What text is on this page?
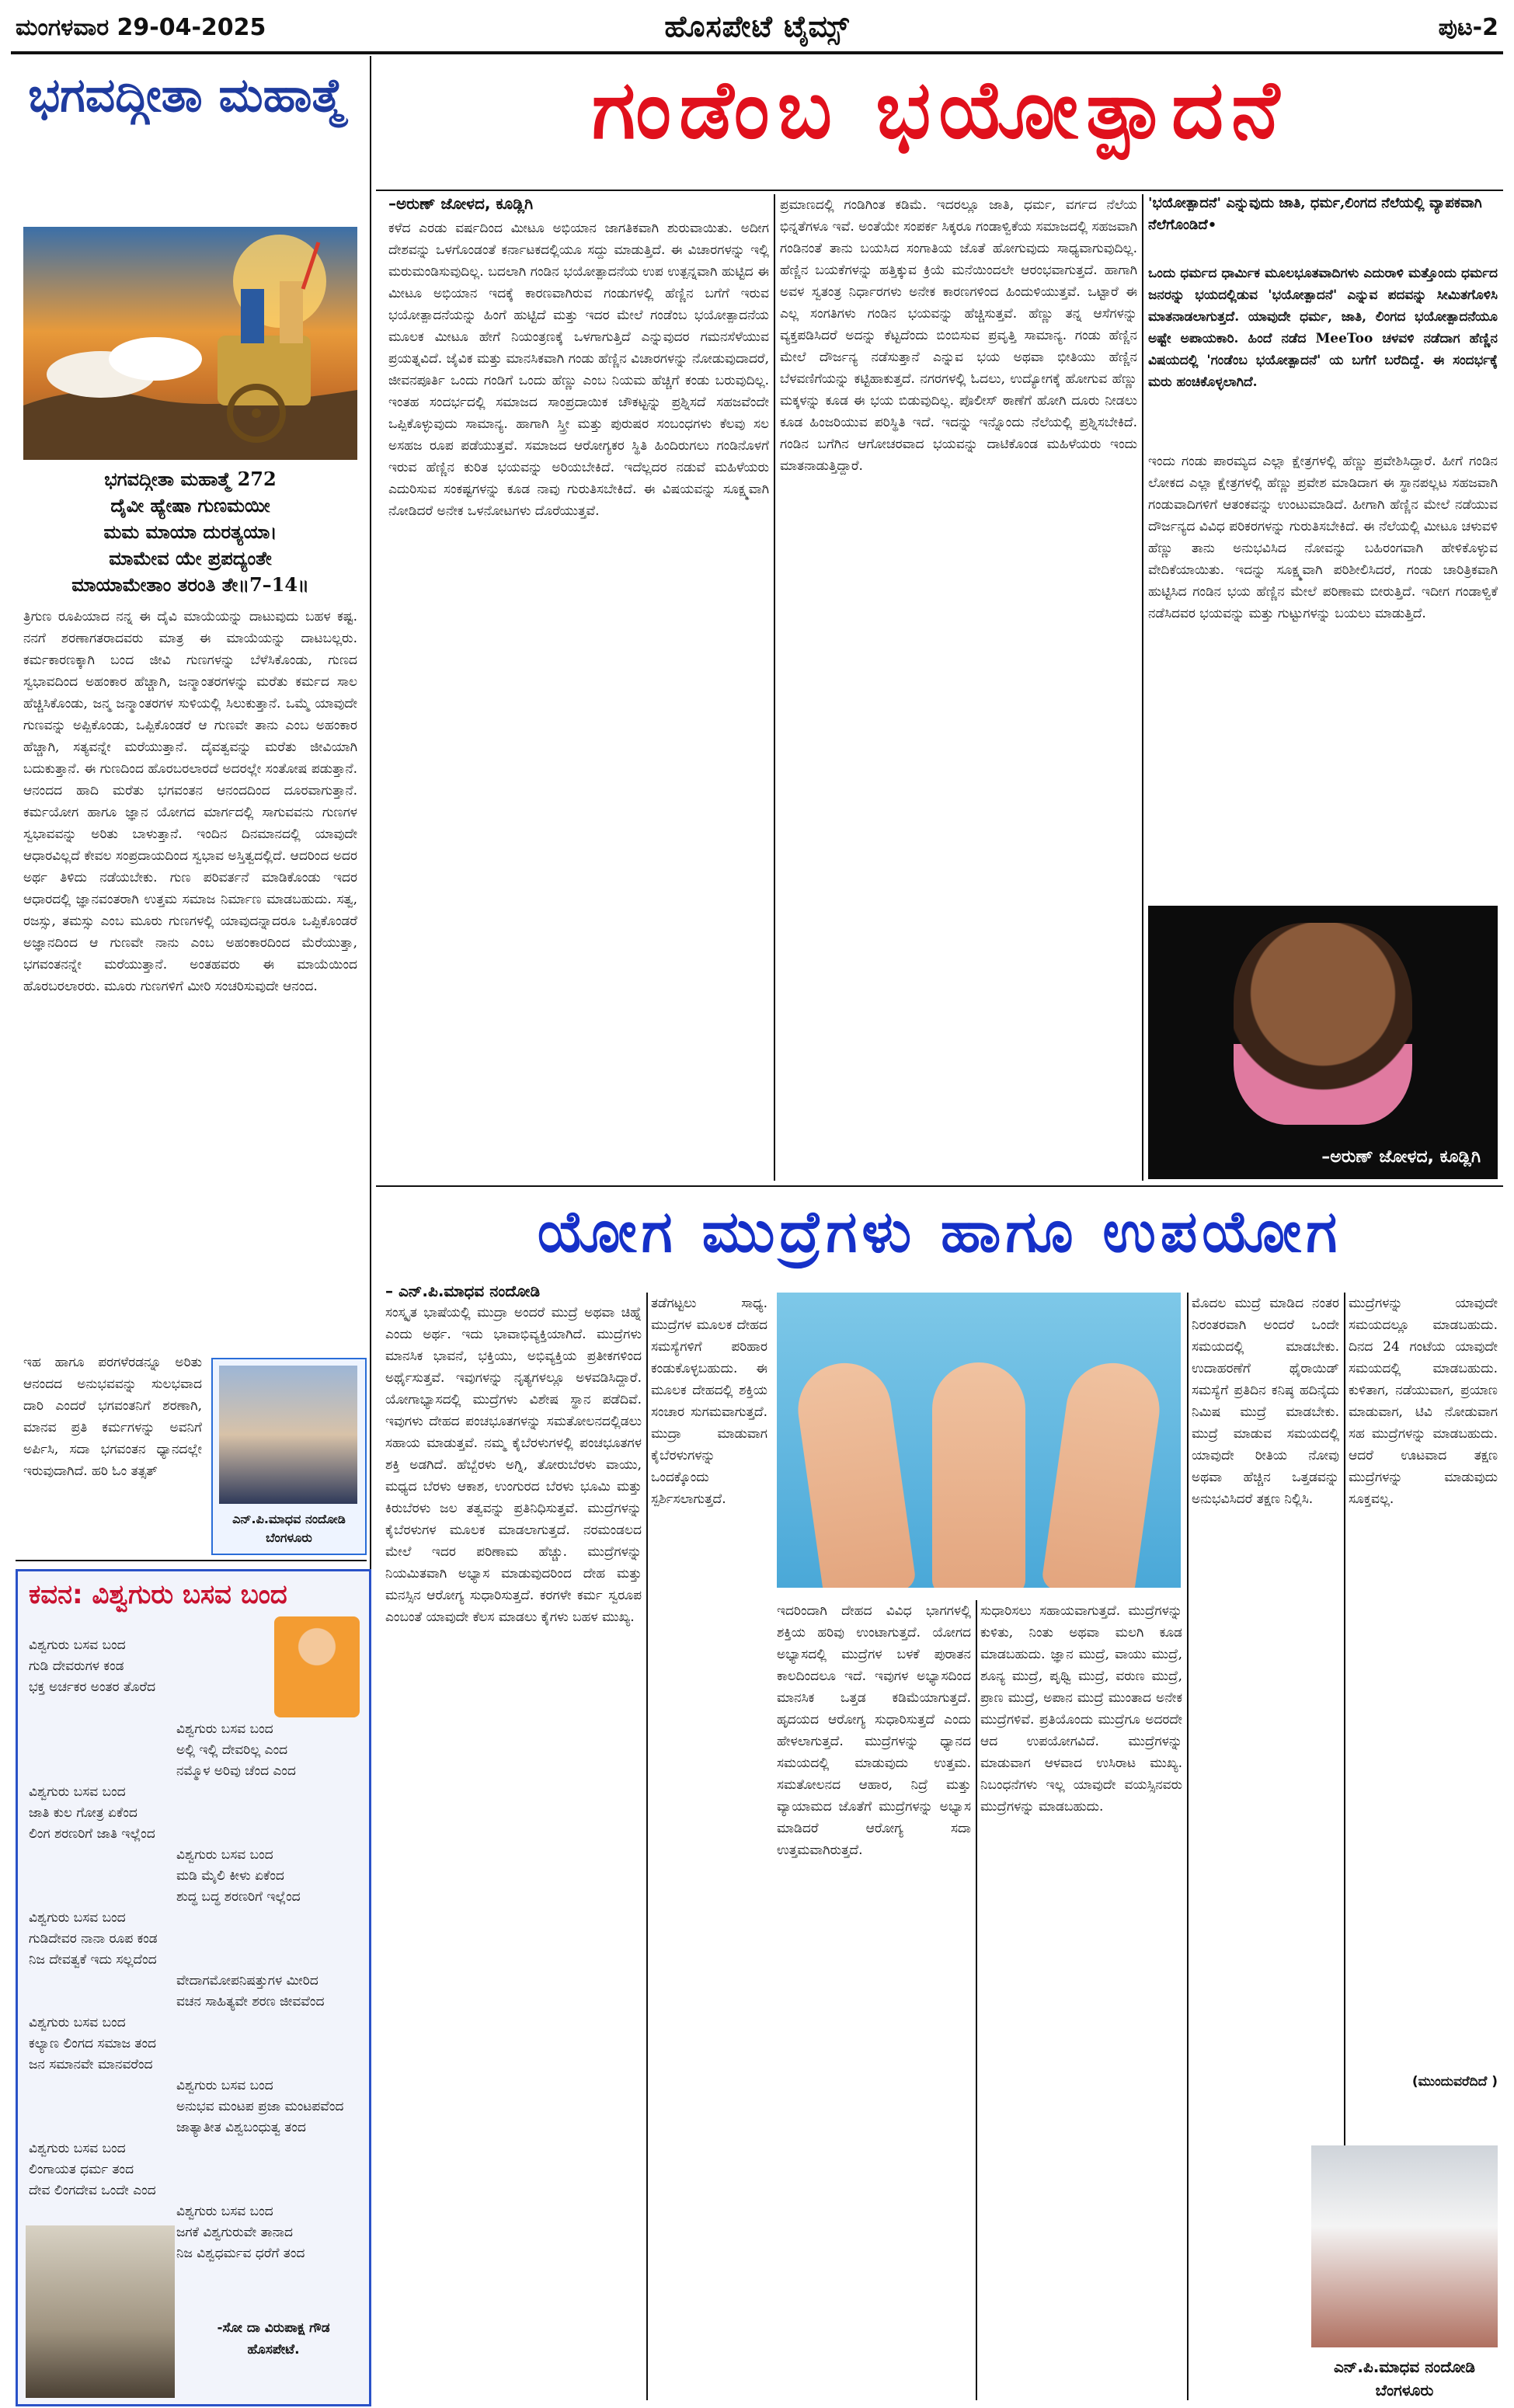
ಮಂಗಳವಾರ 29-04-2025	ಹೊಸಪೇಟೆ ಟೈಮ್ಸ್	ಪುಟ-2
ಭಗವದ್ಗೀತಾ ಮಹಾತ್ಮೆ
ಭಗವದ್ಗೀತಾ ಮಹಾತ್ಮೆ 272
ದೈವೀ ಹ್ಯೇಷಾ ಗುಣಮಯೀ
ಮಮ ಮಾಯಾ ದುರತ್ಯಯಾ।
ಮಾಮೇವ ಯೇ ಪ್ರಪದ್ಯಂತೇ
ಮಾಯಾಮೇತಾಂ ತರಂತಿ ತೇ॥7–14॥

ತ್ರಿಗುಣ ರೂಪಿಯಾದ ನನ್ನ ಈ ದೈವಿ ಮಾಯೆಯನ್ನು ದಾಟುವುದು ಬಹಳ ಕಷ್ಟ. ನನಗೆ ಶರಣಾಗತರಾದವರು ಮಾತ್ರ ಈ ಮಾಯೆಯನ್ನು ದಾಟಬಲ್ಲರು. ಕರ್ಮಕಾರಣಕ್ಕಾಗಿ ಬಂದ ಜೀವಿ ಗುಣಗಳನ್ನು ಬೆಳೆಸಿಕೊಂಡು, ಗುಣದ ಸ್ವಭಾವದಿಂದ ಅಹಂಕಾರ ಹೆಚ್ಚಾಗಿ, ಜನ್ಮಾಂತರಗಳನ್ನು ಮರೆತು ಕರ್ಮದ ಸಾಲ ಹೆಚ್ಚಿಸಿಕೊಂಡು, ಜನ್ಮ ಜನ್ಮಾಂತರಗಳ ಸುಳಿಯಲ್ಲಿ ಸಿಲುಕುತ್ತಾನೆ. ಒಮ್ಮೆ ಯಾವುದೇ ಗುಣವನ್ನು ಅಪ್ಪಿಕೊಂಡು, ಒಪ್ಪಿಕೊಂಡರೆ ಆ ಗುಣವೇ ತಾನು ಎಂಬ ಅಹಂಕಾರ ಹೆಚ್ಚಾಗಿ, ಸತ್ಯವನ್ನೇ ಮರೆಯುತ್ತಾನೆ. ದೈವತ್ವವನ್ನು ಮರೆತು ಜೀವಿಯಾಗಿ ಬದುಕುತ್ತಾನೆ. ಈ ಗುಣದಿಂದ ಹೊರಬರಲಾರದೆ ಅದರಲ್ಲೇ ಸಂತೋಷ ಪಡುತ್ತಾನೆ. ಆನಂದದ ಹಾದಿ ಮರೆತು ಭಗವಂತನ ಆನಂದದಿಂದ ದೂರವಾಗುತ್ತಾನೆ. ಕರ್ಮಯೋಗ ಹಾಗೂ ಜ್ಞಾನ ಯೋಗದ ಮಾರ್ಗದಲ್ಲಿ ಸಾಗುವವನು ಗುಣಗಳ ಸ್ವಭಾವವನ್ನು ಅರಿತು ಬಾಳುತ್ತಾನೆ. ಇಂದಿನ ದಿನಮಾನದಲ್ಲಿ ಯಾವುದೇ ಆಧಾರವಿಲ್ಲದೆ ಕೇವಲ ಸಂಪ್ರದಾಯದಿಂದ ಸ್ವಭಾವ ಅಸ್ತಿತ್ವದಲ್ಲಿದೆ. ಆದರಿಂದ ಅದರ ಅರ್ಥ ತಿಳಿದು ನಡೆಯಬೇಕು. ಗುಣ ಪರಿವರ್ತನೆ ಮಾಡಿಕೊಂಡು ಇದರ ಆಧಾರದಲ್ಲಿ ಜ್ಞಾನವಂತರಾಗಿ ಉತ್ತಮ ಸಮಾಜ ನಿರ್ಮಾಣ ಮಾಡಬಹುದು. ಸತ್ವ, ರಜಸ್ಸು, ತಮಸ್ಸು ಎಂಬ ಮೂರು ಗುಣಗಳಲ್ಲಿ ಯಾವುದನ್ನಾದರೂ ಒಪ್ಪಿಕೊಂಡರೆ ಅಜ್ಞಾನದಿಂದ ಆ ಗುಣವೇ ನಾನು ಎಂಬ ಅಹಂಕಾರದಿಂದ ಮೆರೆಯುತ್ತಾ, ಭಗವಂತನನ್ನೇ ಮರೆಯುತ್ತಾನೆ. ಅಂತಹವರು ಈ ಮಾಯೆಯಿಂದ ಹೊರಬರಲಾರರು. ಮೂರು ಗುಣಗಳಿಗೆ ಮೀರಿ ಸಂಚರಿಸುವುದೇ ಆನಂದ.

ಇಹ ಹಾಗೂ ಪರಗಳೆರಡನ್ನೂ ಅರಿತು ಆನಂದದ ಅನುಭವವನ್ನು ಸುಲಭವಾದ ದಾರಿ ಎಂದರೆ ಭಗವಂತನಿಗೆ ಶರಣಾಗಿ, ಮಾನವ ಪ್ರತಿ ಕರ್ಮಗಳನ್ನು ಅವನಿಗೆ ಅರ್ಪಿಸಿ, ಸದಾ ಭಗವಂತನ ಧ್ಯಾನದಲ್ಲೇ ಇರುವುದಾಗಿದೆ. ಹರಿ ಓಂ ತತ್ಸತ್

ಎನ್.ಪಿ.ಮಾಧವ ನಂದೋಡಿ
ಬೆಂಗಳೂರು
ಕವನ: ವಿಶ್ವಗುರು ಬಸವ ಬಂದ
ವಿಶ್ವಗುರು ಬಸವ ಬಂದ
ಗುಡಿ ದೇವರುಗಳ ಕಂಡ
ಭಕ್ತ ಅರ್ಚಕರ ಅಂತರ ತೊರೆದ

ವಿಶ್ವಗುರು ಬಸವ ಬಂದ
ಅಲ್ಲಿ ಇಲ್ಲಿ ದೇವರಿಲ್ಲ ಎಂದ
ನಮ್ಮೊಳ ಅರಿವು ಚೆಂದ ಎಂದ
ವಿಶ್ವಗುರು ಬಸವ ಬಂದ
ಜಾತಿ ಕುಲ ಗೋತ್ರ ಏಕೆಂದ
ಲಿಂಗ ಶರಣರಿಗೆ ಜಾತಿ ಇಲ್ಲೆಂದ
ವಿಶ್ವಗುರು ಬಸವ ಬಂದ
ಮಡಿ ಮೈಲಿ ಕೀಳು ಏಕೆಂದ
ಶುದ್ಧ ಬದ್ಧ ಶರಣರಿಗೆ ಇಲ್ಲೆಂದ
ವಿಶ್ವಗುರು ಬಸವ ಬಂದ
ಗುಡಿದೇವರ ನಾನಾ ರೂಪ ಕಂಡ
ನಿಜ ದೇವತ್ವಕೆ ಇದು ಸಲ್ಲದೆಂದ
ವೇದಾಗಮೋಪನಿಷತ್ತುಗಳ ಮೀರಿದ
ವಚನ ಸಾಹಿತ್ಯವೇ ಶರಣ ಜೀವವೆಂದ
ವಿಶ್ವಗುರು ಬಸವ ಬಂದ
ಕಲ್ಯಾಣ ಲಿಂಗದ ಸಮಾಜ ತಂದ
ಜನ ಸಮಾನವೇ ಮಾನವರೆಂದ
ವಿಶ್ವಗುರು ಬಸವ ಬಂದ
ಅನುಭವ ಮಂಟಪ ಪ್ರಜಾ ಮಂಟಪವೆಂದ
ಜಾತ್ಯಾತೀತ ವಿಶ್ವಬಂಧುತ್ವ ತಂದ
ವಿಶ್ವಗುರು ಬಸವ ಬಂದ
ಲಿಂಗಾಯತ ಧರ್ಮ ತಂದ
ದೇವ ಲಿಂಗದೇವ ಒಂದೇ ಎಂದ
ವಿಶ್ವಗುರು ಬಸವ ಬಂದ
ಜಗಕೆ ವಿಶ್ವಗುರುವೇ ತಾನಾದ
ನಿಜ ವಿಶ್ವಧರ್ಮವ ಧರೆಗೆ ತಂದ
-ಸೋ ದಾ ವಿರುಪಾಕ್ಷ ಗೌಡ
ಹೊಸಪೇಟೆ.
ಗಂಡೆಂಬ ಭಯೋತ್ಪಾದನೆ
–ಅರುಣ್ ಜೋಳದ, ಕೂಡ್ಲಿಗಿ

ಕಳೆದ ಎರಡು ವರ್ಷದಿಂದ ಮೀಟೂ ಅಭಿಯಾನ ಜಾಗತಿಕವಾಗಿ ಶುರುವಾಯಿತು. ಅದೀಗ ದೇಶವನ್ನು ಒಳಗೊಂಡಂತೆ ಕರ್ನಾಟಕದಲ್ಲಿಯೂ ಸದ್ದು ಮಾಡುತ್ತಿದೆ. ಈ ವಿಚಾರಗಳನ್ನು ಇಲ್ಲಿ ಮರುಮಂಡಿಸುವುದಿಲ್ಲ. ಬದಲಾಗಿ ಗಂಡಿನ ಭಯೋತ್ಪಾದನೆಯ ಉಪ ಉತ್ಪನ್ನವಾಗಿ ಹುಟ್ಟಿದ ಈ ಮೀಟೂ ಅಭಿಯಾನ ಇದಕ್ಕೆ ಕಾರಣವಾಗಿರುವ ಗಂಡುಗಳಲ್ಲಿ ಹೆಣ್ಣಿನ ಬಗೆಗೆ ಇರುವ ಭಯೋತ್ಪಾದನೆಯನ್ನು ಹಿಂಗೆ ಹುಟ್ಟಿದೆ ಮತ್ತು ಇದರ ಮೇಲೆ ಗಂಡೆಂಬ ಭಯೋತ್ಪಾದನೆಯ ಮೂಲಕ ಮೀಟೂ ಹೇಗೆ ನಿಯಂತ್ರಣಕ್ಕೆ ಒಳಗಾಗುತ್ತಿದೆ ಎನ್ನುವುದರ ಗಮನಸೆಳೆಯುವ ಪ್ರಯತ್ನವಿದೆ. ಜೈವಿಕ ಮತ್ತು ಮಾನಸಿಕವಾಗಿ ಗಂಡು ಹೆಣ್ಣಿನ ವಿಚಾರಗಳನ್ನು ನೋಡುವುದಾದರೆ, ಜೀವನಪೂರ್ತಿ ಒಂದು ಗಂಡಿಗೆ ಒಂದು ಹೆಣ್ಣು ಎಂಬ ನಿಯಮ ಹೆಚ್ಚಿಗೆ ಕಂಡು ಬರುವುದಿಲ್ಲ. ಇಂತಹ ಸಂದರ್ಭದಲ್ಲಿ ಸಮಾಜದ ಸಾಂಪ್ರದಾಯಿಕ ಚೌಕಟ್ಟನ್ನು ಪ್ರಶ್ನಿಸದೆ ಸಹಜವೆಂದೇ ಒಪ್ಪಿಕೊಳ್ಳುವುದು ಸಾಮಾನ್ಯ. ಹಾಗಾಗಿ ಸ್ತ್ರೀ ಮತ್ತು ಪುರುಷರ ಸಂಬಂಧಗಳು ಕೆಲವು ಸಲ ಅಸಹಜ ರೂಪ ಪಡೆಯುತ್ತವೆ. ಸಮಾಜದ ಆರೋಗ್ಯಕರ ಸ್ಥಿತಿ ಹಿಂದಿರುಗಲು ಗಂಡಿನೊಳಗೆ ಇರುವ ಹೆಣ್ಣಿನ ಕುರಿತ ಭಯವನ್ನು ಅರಿಯಬೇಕಿದೆ. ಇದೆಲ್ಲದರ ನಡುವೆ ಮಹಿಳೆಯರು ಎದುರಿಸುವ ಸಂಕಷ್ಟಗಳನ್ನು ಕೂಡ ನಾವು ಗುರುತಿಸಬೇಕಿದೆ. ಈ ವಿಷಯವನ್ನು ಸೂಕ್ಷ್ಮವಾಗಿ ನೋಡಿದರೆ ಅನೇಕ ಒಳನೋಟಗಳು ದೊರೆಯುತ್ತವೆ.

ಪ್ರಮಾಣದಲ್ಲಿ ಗಂಡಿಗಿಂತ ಕಡಿಮೆ. ಇದರಲ್ಲೂ ಜಾತಿ, ಧರ್ಮ, ವರ್ಗದ ನೆಲೆಯ ಭಿನ್ನತೆಗಳೂ ಇವೆ. ಅಂತೆಯೇ ಸಂಪರ್ಕ ಸಿಕ್ಕರೂ ಗಂಡಾಳ್ವಿಕೆಯ ಸಮಾಜದಲ್ಲಿ ಸಹಜವಾಗಿ ಗಂಡಿನಂತೆ ತಾನು ಬಯಸಿದ ಸಂಗಾತಿಯ ಜೊತೆ ಹೋಗುವುದು ಸಾಧ್ಯವಾಗುವುದಿಲ್ಲ. ಹೆಣ್ಣಿನ ಬಯಕೆಗಳನ್ನು ಹತ್ತಿಕ್ಕುವ ಕ್ರಿಯೆ ಮನೆಯಿಂದಲೇ ಆರಂಭವಾಗುತ್ತದೆ. ಹಾಗಾಗಿ ಅವಳ ಸ್ವತಂತ್ರ ನಿರ್ಧಾರಗಳು ಅನೇಕ ಕಾರಣಗಳಿಂದ ಹಿಂದುಳಿಯುತ್ತವೆ. ಒಟ್ಟಾರೆ ಈ ಎಲ್ಲ ಸಂಗತಿಗಳು ಗಂಡಿನ ಭಯವನ್ನು ಹೆಚ್ಚಿಸುತ್ತವೆ. ಹೆಣ್ಣು ತನ್ನ ಆಸೆಗಳನ್ನು ವ್ಯಕ್ತಪಡಿಸಿದರೆ ಅದನ್ನು ಕೆಟ್ಟದೆಂದು ಬಿಂಬಿಸುವ ಪ್ರವೃತ್ತಿ ಸಾಮಾನ್ಯ. ಗಂಡು ಹೆಣ್ಣಿನ ಮೇಲೆ ದೌರ್ಜನ್ಯ ನಡೆಸುತ್ತಾನೆ ಎನ್ನುವ ಭಯ ಅಥವಾ ಭೀತಿಯು ಹೆಣ್ಣಿನ ಬೆಳವಣಿಗೆಯನ್ನು ಕಟ್ಟಿಹಾಕುತ್ತದೆ. ನಗರಗಳಲ್ಲಿ ಓದಲು, ಉದ್ಯೋಗಕ್ಕೆ ಹೋಗುವ ಹೆಣ್ಣು ಮಕ್ಕಳನ್ನು ಕೂಡ ಈ ಭಯ ಬಿಡುವುದಿಲ್ಲ. ಪೊಲೀಸ್ ಠಾಣೆಗೆ ಹೋಗಿ ದೂರು ನೀಡಲು ಕೂಡ ಹಿಂಜರಿಯುವ ಪರಿಸ್ಥಿತಿ ಇದೆ. ಇದನ್ನು ಇನ್ನೊಂದು ನೆಲೆಯಲ್ಲಿ ಪ್ರಶ್ನಿಸಬೇಕಿದೆ. ಗಂಡಿನ ಬಗೆಗಿನ ಆಗೋಚರವಾದ ಭಯವನ್ನು ದಾಟಿಕೊಂಡ ಮಹಿಳೆಯರು ಇಂದು ಮಾತನಾಡುತ್ತಿದ್ದಾರೆ.

'ಭಯೋತ್ಪಾದನೆ' ಎನ್ನುವುದು ಜಾತಿ, ಧರ್ಮ,ಲಿಂಗದ ನೆಲೆಯಲ್ಲಿ ವ್ಯಾಪಕವಾಗಿ ನೆಲೆಗೊಂಡಿದೆ•
ಒಂದು ಧರ್ಮದ ಧಾರ್ಮಿಕ ಮೂಲಭೂತವಾದಿಗಳು ಎದುರಾಳಿ ಮತ್ತೊಂದು ಧರ್ಮದ ಜನರನ್ನು ಭಯದಲ್ಲಿಡುವ 'ಭಯೋತ್ಪಾದನೆ' ಎನ್ನುವ ಪದವನ್ನು ಸೀಮಿತಗೊಳಿಸಿ ಮಾತನಾಡಲಾಗುತ್ತದೆ. ಯಾವುದೇ ಧರ್ಮ, ಜಾತಿ, ಲಿಂಗದ ಭಯೋತ್ಪಾದನೆಯೂ ಅಷ್ಟೇ ಅಪಾಯಕಾರಿ. ಹಿಂದೆ ನಡೆದ MeeToo ಚಳವಳಿ ನಡೆದಾಗ ಹೆಣ್ಣಿನ ವಿಷಯದಲ್ಲಿ 'ಗಂಡೆಂಬ ಭಯೋತ್ಪಾದನೆ' ಯ ಬಗೆಗೆ ಬರೆದಿದ್ದೆ. ಈ ಸಂದರ್ಭಕ್ಕೆ ಮರು ಹಂಚಿಕೊಳ್ಳಲಾಗಿದೆ.

ಇಂದು ಗಂಡು ಪಾರಮ್ಯದ ಎಲ್ಲಾ ಕ್ಷೇತ್ರಗಳಲ್ಲಿ ಹೆಣ್ಣು ಪ್ರವೇಶಿಸಿದ್ದಾರೆ. ಹೀಗೆ ಗಂಡಿನ ಲೋಕದ ಎಲ್ಲಾ ಕ್ಷೇತ್ರಗಳಲ್ಲಿ ಹೆಣ್ಣು ಪ್ರವೇಶ ಮಾಡಿದಾಗ ಈ ಸ್ಥಾನಪಲ್ಲಟ ಸಹಜವಾಗಿ ಗಂಡುವಾದಿಗಳಿಗೆ ಆತಂಕವನ್ನು ಉಂಟುಮಾಡಿದೆ. ಹೀಗಾಗಿ ಹೆಣ್ಣಿನ ಮೇಲೆ ನಡೆಯುವ ದೌರ್ಜನ್ಯದ ವಿವಿಧ ಪರಿಕರಗಳನ್ನು ಗುರುತಿಸಬೇಕಿದೆ. ಈ ನೆಲೆಯಲ್ಲಿ ಮೀಟೂ ಚಳುವಳಿ ಹೆಣ್ಣು ತಾನು ಅನುಭವಿಸಿದ ನೋವನ್ನು ಬಹಿರಂಗವಾಗಿ ಹೇಳಿಕೊಳ್ಳುವ ವೇದಿಕೆಯಾಯಿತು. ಇದನ್ನು ಸೂಕ್ಷ್ಮವಾಗಿ ಪರಿಶೀಲಿಸಿದರೆ, ಗಂಡು ಚಾರಿತ್ರಿಕವಾಗಿ ಹುಟ್ಟಿಸಿದ ಗಂಡಿನ ಭಯ ಹೆಣ್ಣಿನ ಮೇಲೆ ಪರಿಣಾಮ ಬೀರುತ್ತಿದೆ. ಇದೀಗ ಗಂಡಾಳ್ವಿಕೆ ನಡೆಸಿದವರ ಭಯವನ್ನು ಮತ್ತು ಗುಟ್ಟುಗಳನ್ನು ಬಯಲು ಮಾಡುತ್ತಿದೆ.

–ಅರುಣ್ ಜೋಳದ, ಕೂಡ್ಲಿಗಿ
ಯೋಗ ಮುದ್ರೆಗಳು ಹಾಗೂ ಉಪಯೋಗ
– ಎನ್.ಪಿ.ಮಾಧವ ನಂದೋಡಿ

ಸಂಸ್ಕೃತ ಭಾಷೆಯಲ್ಲಿ ಮುದ್ರಾ ಅಂದರೆ ಮುದ್ರೆ ಅಥವಾ ಚಿಹ್ನೆ ಎಂದು ಅರ್ಥ. ಇದು ಭಾವಾಭಿವ್ಯಕ್ತಿಯಾಗಿದೆ. ಮುದ್ರೆಗಳು ಮಾನಸಿಕ ಭಾವನೆ, ಭಕ್ತಿಯು, ಅಭಿವ್ಯಕ್ತಿಯ ಪ್ರತೀಕಗಳಿಂದ ಅರ್ಥೈಸುತ್ತವೆ. ಇವುಗಳನ್ನು ನೃತ್ಯಗಳಲ್ಲೂ ಅಳವಡಿಸಿದ್ದಾರೆ. ಯೋಗಾಭ್ಯಾಸದಲ್ಲಿ ಮುದ್ರೆಗಳು ವಿಶೇಷ ಸ್ಥಾನ ಪಡೆದಿವೆ. ಇವುಗಳು ದೇಹದ ಪಂಚಭೂತಗಳನ್ನು ಸಮತೋಲನದಲ್ಲಿಡಲು ಸಹಾಯ ಮಾಡುತ್ತವೆ. ನಮ್ಮ ಕೈಬೆರಳುಗಳಲ್ಲಿ ಪಂಚಭೂತಗಳ ಶಕ್ತಿ ಅಡಗಿದೆ. ಹೆಬ್ಬೆರಳು ಅಗ್ನಿ, ತೋರುಬೆರಳು ವಾಯು, ಮಧ್ಯದ ಬೆರಳು ಆಕಾಶ, ಉಂಗುರದ ಬೆರಳು ಭೂಮಿ ಮತ್ತು ಕಿರುಬೆರಳು ಜಲ ತತ್ವವನ್ನು ಪ್ರತಿನಿಧಿಸುತ್ತವೆ. ಮುದ್ರೆಗಳನ್ನು ಕೈಬೆರಳುಗಳ ಮೂಲಕ ಮಾಡಲಾಗುತ್ತದೆ. ನರಮಂಡಲದ ಮೇಲೆ ಇದರ ಪರಿಣಾಮ ಹೆಚ್ಚು. ಮುದ್ರೆಗಳನ್ನು ನಿಯಮಿತವಾಗಿ ಅಭ್ಯಾಸ ಮಾಡುವುದರಿಂದ ದೇಹ ಮತ್ತು ಮನಸ್ಸಿನ ಆರೋಗ್ಯ ಸುಧಾರಿಸುತ್ತದೆ. ಕರಗಳೇ ಕರ್ಮ ಸ್ವರೂಪ ಎಂಬಂತೆ ಯಾವುದೇ ಕೆಲಸ ಮಾಡಲು ಕೈಗಳು ಬಹಳ ಮುಖ್ಯ.

ತಡೆಗಟ್ಟಲು ಸಾಧ್ಯ. ಮುದ್ರೆಗಳ ಮೂಲಕ ದೇಹದ ಸಮಸ್ಯೆಗಳಿಗೆ ಪರಿಹಾರ ಕಂಡುಕೊಳ್ಳಬಹುದು. ಈ ಮೂಲಕ ದೇಹದಲ್ಲಿ ಶಕ್ತಿಯ ಸಂಚಾರ ಸುಗಮವಾಗುತ್ತದೆ. ಮುದ್ರಾ ಮಾಡುವಾಗ ಕೈಬೆರಳುಗಳನ್ನು ಒಂದಕ್ಕೊಂದು ಸ್ಪರ್ಶಿಸಲಾಗುತ್ತದೆ.

ಇದರಿಂದಾಗಿ ದೇಹದ ವಿವಿಧ ಭಾಗಗಳಲ್ಲಿ ಶಕ್ತಿಯ ಹರಿವು ಉಂಟಾಗುತ್ತದೆ. ಯೋಗದ ಅಭ್ಯಾಸದಲ್ಲಿ ಮುದ್ರೆಗಳ ಬಳಕೆ ಪುರಾತನ ಕಾಲದಿಂದಲೂ ಇದೆ. ಇವುಗಳ ಅಭ್ಯಾಸದಿಂದ ಮಾನಸಿಕ ಒತ್ತಡ ಕಡಿಮೆಯಾಗುತ್ತದೆ. ಹೃದಯದ ಆರೋಗ್ಯ ಸುಧಾರಿಸುತ್ತದೆ ಎಂದು ಹೇಳಲಾಗುತ್ತದೆ. ಮುದ್ರೆಗಳನ್ನು ಧ್ಯಾನದ ಸಮಯದಲ್ಲಿ ಮಾಡುವುದು ಉತ್ತಮ. ಸಮತೋಲನದ ಆಹಾರ, ನಿದ್ರೆ ಮತ್ತು ವ್ಯಾಯಾಮದ ಜೊತೆಗೆ ಮುದ್ರೆಗಳನ್ನು ಅಭ್ಯಾಸ ಮಾಡಿದರೆ ಆರೋಗ್ಯ ಸದಾ ಉತ್ತಮವಾಗಿರುತ್ತದೆ.

ಸುಧಾರಿಸಲು ಸಹಾಯವಾಗುತ್ತದೆ. ಮುದ್ರೆಗಳನ್ನು ಕುಳಿತು, ನಿಂತು ಅಥವಾ ಮಲಗಿ ಕೂಡ ಮಾಡಬಹುದು. ಜ್ಞಾನ ಮುದ್ರೆ, ವಾಯು ಮುದ್ರೆ, ಶೂನ್ಯ ಮುದ್ರೆ, ಪೃಥ್ವಿ ಮುದ್ರೆ, ವರುಣ ಮುದ್ರೆ, ಪ್ರಾಣ ಮುದ್ರೆ, ಅಪಾನ ಮುದ್ರೆ ಮುಂತಾದ ಅನೇಕ ಮುದ್ರೆಗಳಿವೆ. ಪ್ರತಿಯೊಂದು ಮುದ್ರೆಗೂ ಅದರದೇ ಆದ ಉಪಯೋಗವಿದೆ. ಮುದ್ರೆಗಳನ್ನು ಮಾಡುವಾಗ ಆಳವಾದ ಉಸಿರಾಟ ಮುಖ್ಯ. ನಿಬಂಧನೆಗಳು ಇಲ್ಲ ಯಾವುದೇ ವಯಸ್ಸಿನವರು ಮುದ್ರೆಗಳನ್ನು ಮಾಡಬಹುದು.

ಮೊದಲ ಮುದ್ರೆ ಮಾಡಿದ ನಂತರ ನಿರಂತರವಾಗಿ ಅಂದರೆ ಒಂದೇ ಸಮಯದಲ್ಲಿ ಮಾಡಬೇಕು. ಉದಾಹರಣೆಗೆ ಥೈರಾಯಿಡ್ ಸಮಸ್ಯೆಗೆ ಪ್ರತಿದಿನ ಕನಿಷ್ಠ ಹದಿನೈದು ನಿಮಿಷ ಮುದ್ರೆ ಮಾಡಬೇಕು. ಮುದ್ರೆ ಮಾಡುವ ಸಮಯದಲ್ಲಿ ಯಾವುದೇ ರೀತಿಯ ನೋವು ಅಥವಾ ಹೆಚ್ಚಿನ ಒತ್ತಡವನ್ನು ಅನುಭವಿಸಿದರೆ ತಕ್ಷಣ ನಿಲ್ಲಿಸಿ.

ಮುದ್ರೆಗಳನ್ನು ಯಾವುದೇ ಸಮಯದಲ್ಲೂ ಮಾಡಬಹುದು. ದಿನದ 24 ಗಂಟೆಯ ಯಾವುದೇ ಸಮಯದಲ್ಲಿ ಮಾಡಬಹುದು. ಕುಳಿತಾಗ, ನಡೆಯುವಾಗ, ಪ್ರಯಾಣ ಮಾಡುವಾಗ, ಟಿವಿ ನೋಡುವಾಗ ಸಹ ಮುದ್ರೆಗಳನ್ನು ಮಾಡಬಹುದು. ಆದರೆ ಊಟವಾದ ತಕ್ಷಣ ಮುದ್ರೆಗಳನ್ನು ಮಾಡುವುದು ಸೂಕ್ತವಲ್ಲ.

(ಮುಂದುವರೆದಿದೆ )
ಎನ್.ಪಿ.ಮಾಧವ ನಂದೋಡಿ
ಬೆಂಗಳೂರು
